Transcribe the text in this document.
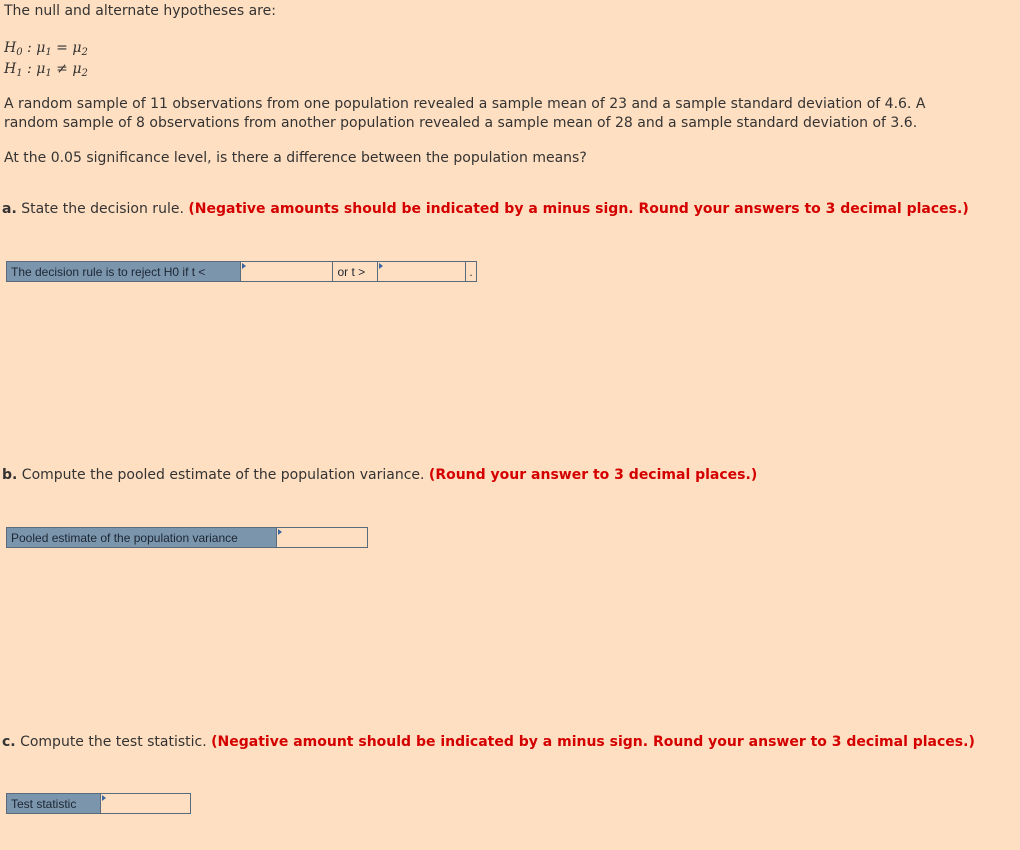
The null and alternate hypotheses are:
$H_0$ : $\mu_1 = \mu_2$
$H_1$ : $\mu_1 \ne \mu_2$
A random sample of 11 observations from one population revealed a sample mean of 23 and a sample standard deviation of 4.6. A random sample of 8 observations from another population revealed a sample mean of 28 and a sample standard deviation of 3.6.
At the 0.05 significance level, is there a difference between the population means?
a. State the decision rule. (Negative amounts should be indicated by a minus sign. Round your answers to 3 decimal places.)
The decision rule is to reject H0 if t <	or t >	.
b. Compute the pooled estimate of the population variance. (Round your answer to 3 decimal places.)
Pooled estimate of the population variance
c. Compute the test statistic. (Negative amount should be indicated by a minus sign. Round your answer to 3 decimal places.)
Test statistic
